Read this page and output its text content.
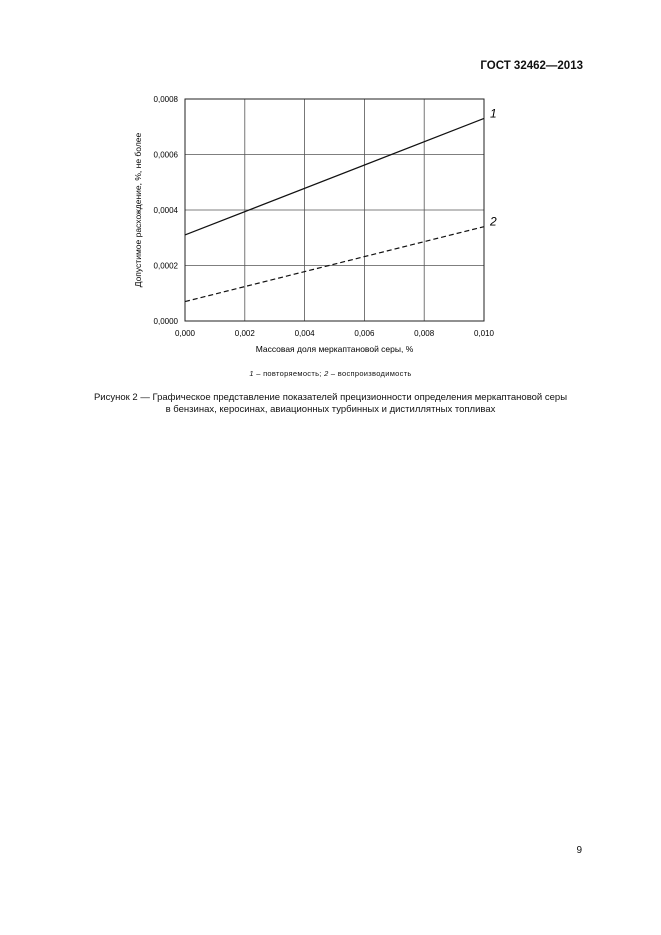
ГОСТ 32462—2013
0,000	0,002	0,004	0,006	0,008	0,010
0,0000
0,0002
0,0004
0,0006
0,0008
Массовая доля меркаптановой серы, %
Допустимое расхождение, %, не более
1
2
1 – повторяемость; 2 – воспроизводимость
Рисунок 2 — Графическое представление показателей прецизионности определения меркаптановой серы
в бензинах, керосинах, авиационных турбинных и дистиллятных топливах
9
